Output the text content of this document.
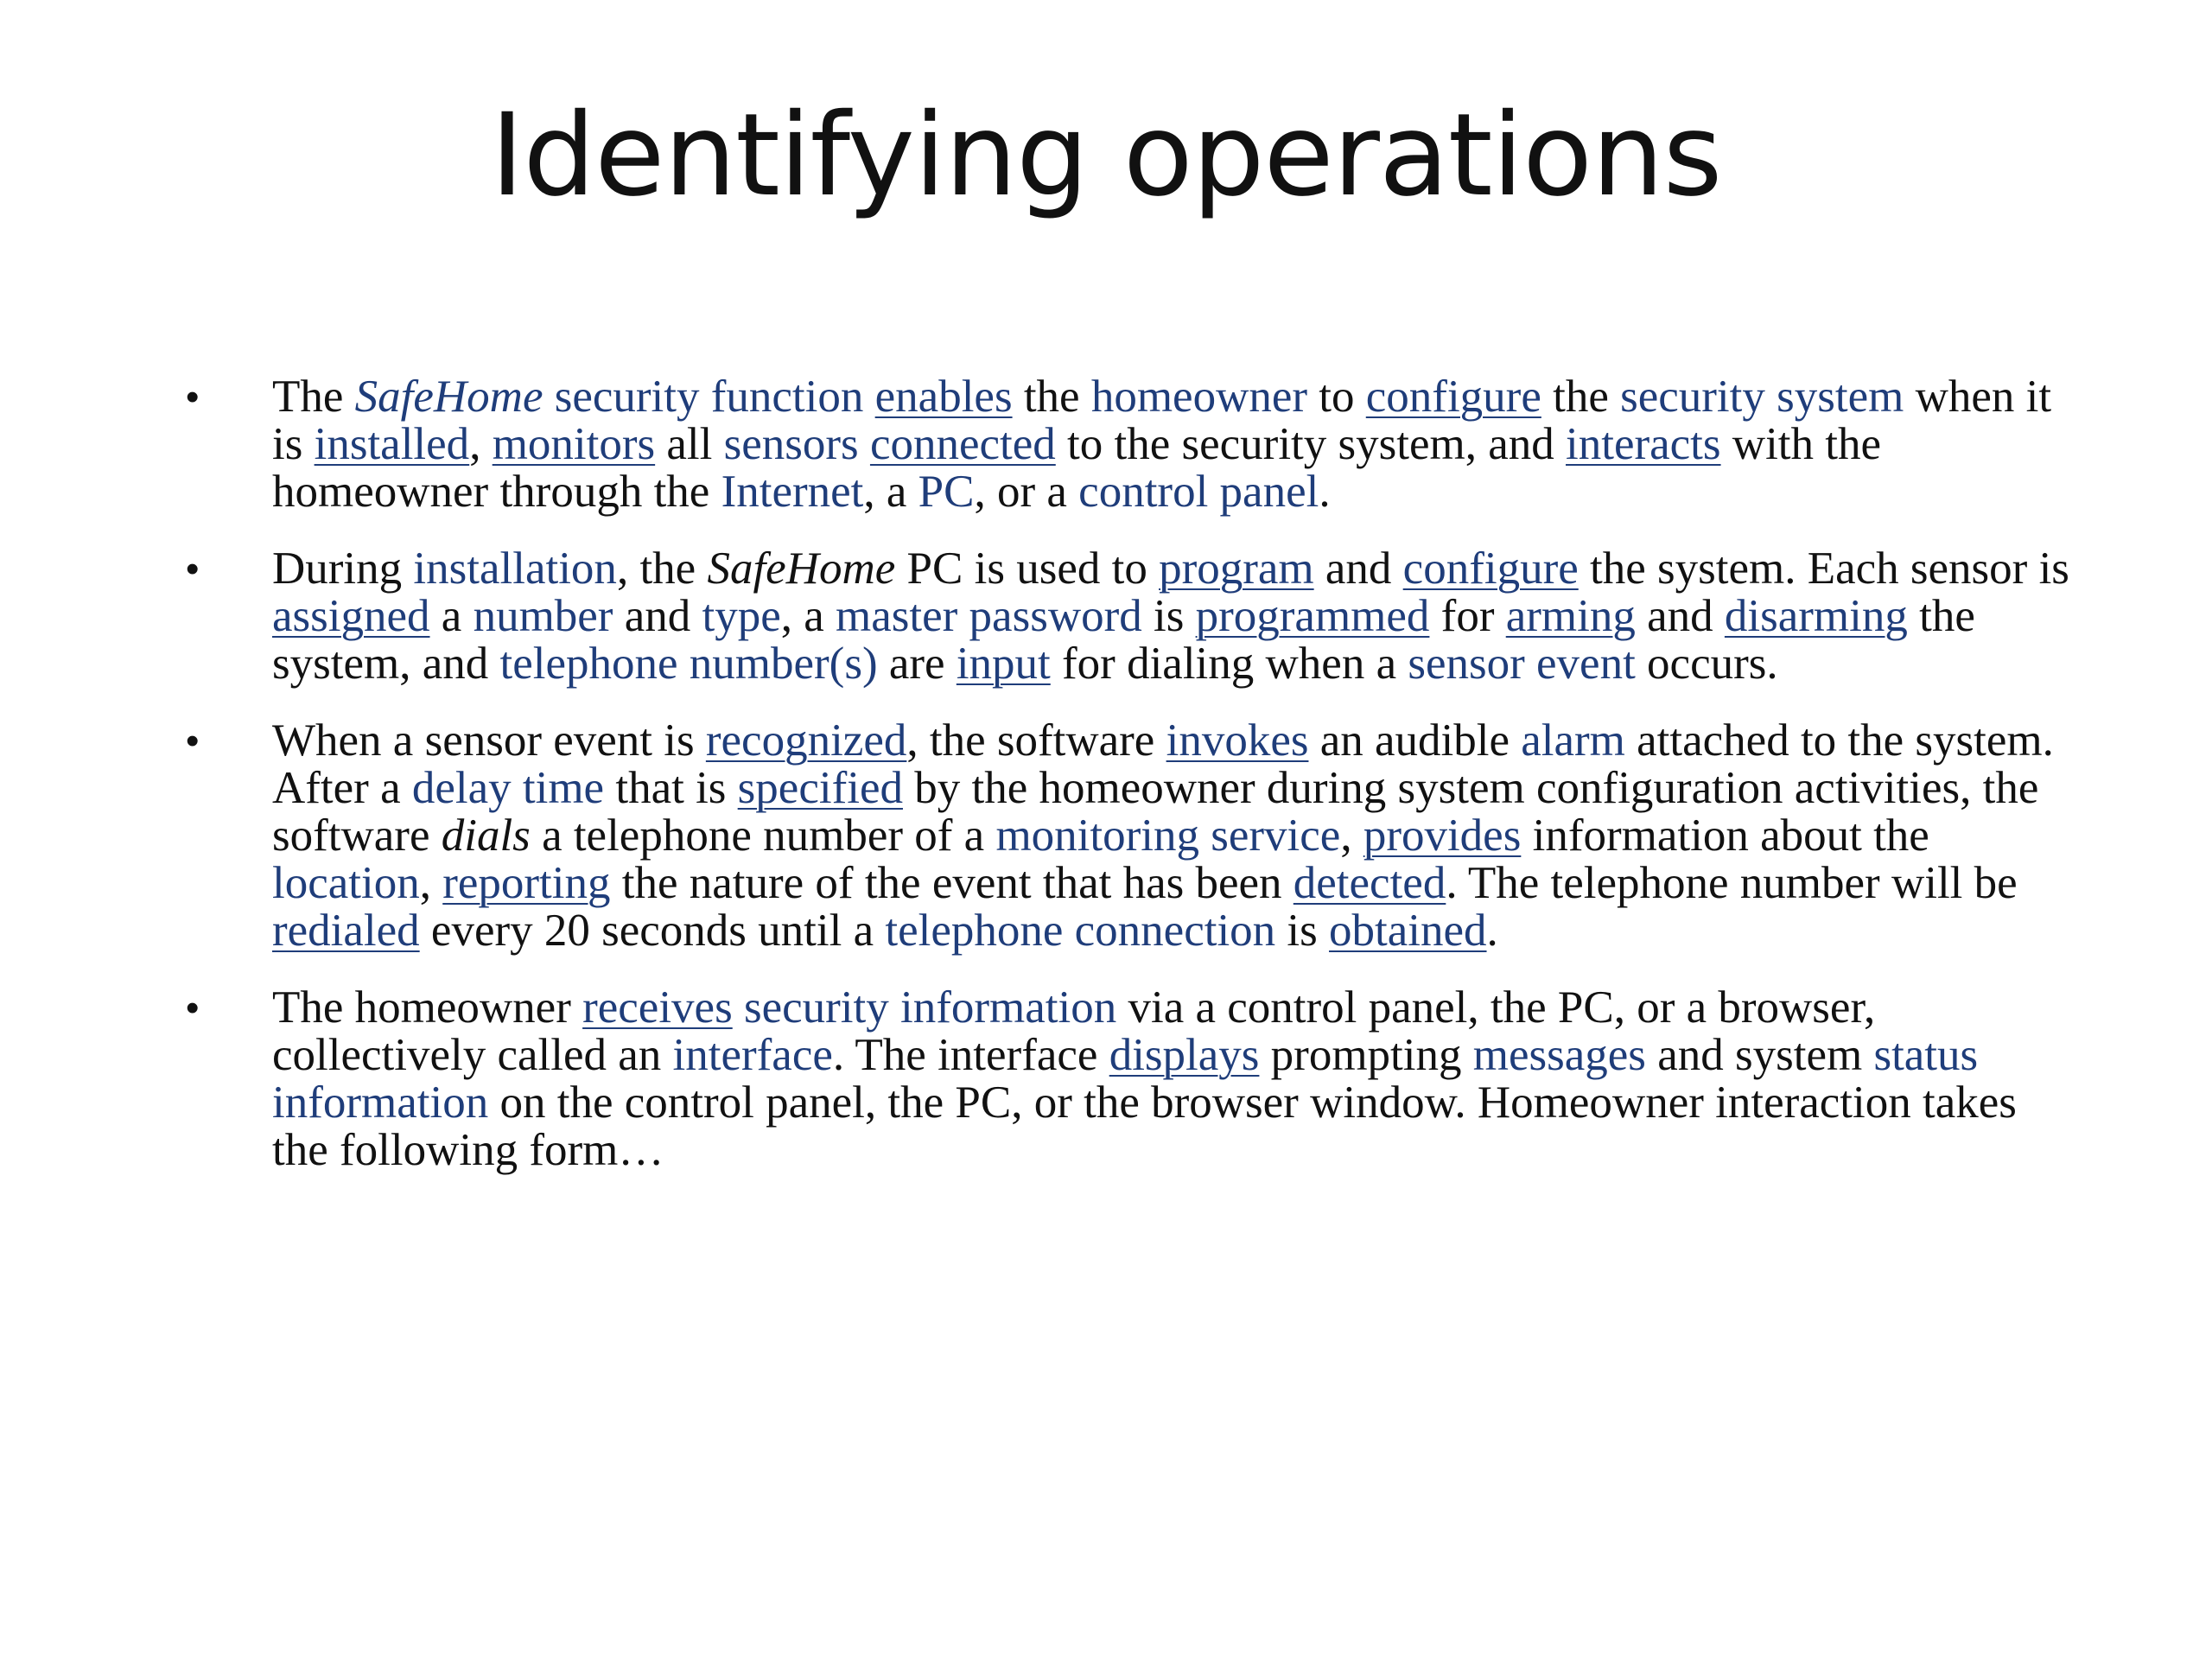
Identifying operations
• The SafeHome security function enables the homeowner to configure the security system when it is installed, monitors all sensors connected to the security system, and interacts with the homeowner through the Internet, a PC, or a control panel.
• During installation, the SafeHome PC is used to program and configure the system. Each sensor is assigned a number and type, a master password is programmed for arming and disarming the system, and telephone number(s) are input for dialing when a sensor event occurs.
• When a sensor event is recognized, the software invokes an audible alarm attached to the system. After a delay time that is specified by the homeowner during system configuration activities, the software dials a telephone number of a monitoring service, provides information about the location, reporting the nature of the event that has been detected. The telephone number will be redialed every 20 seconds until a telephone connection is obtained.
• The homeowner receives security information via a control panel, the PC, or a browser, collectively called an interface. The interface displays prompting messages and system status information on the control panel, the PC, or the browser window. Homeowner interaction takes the following form…
